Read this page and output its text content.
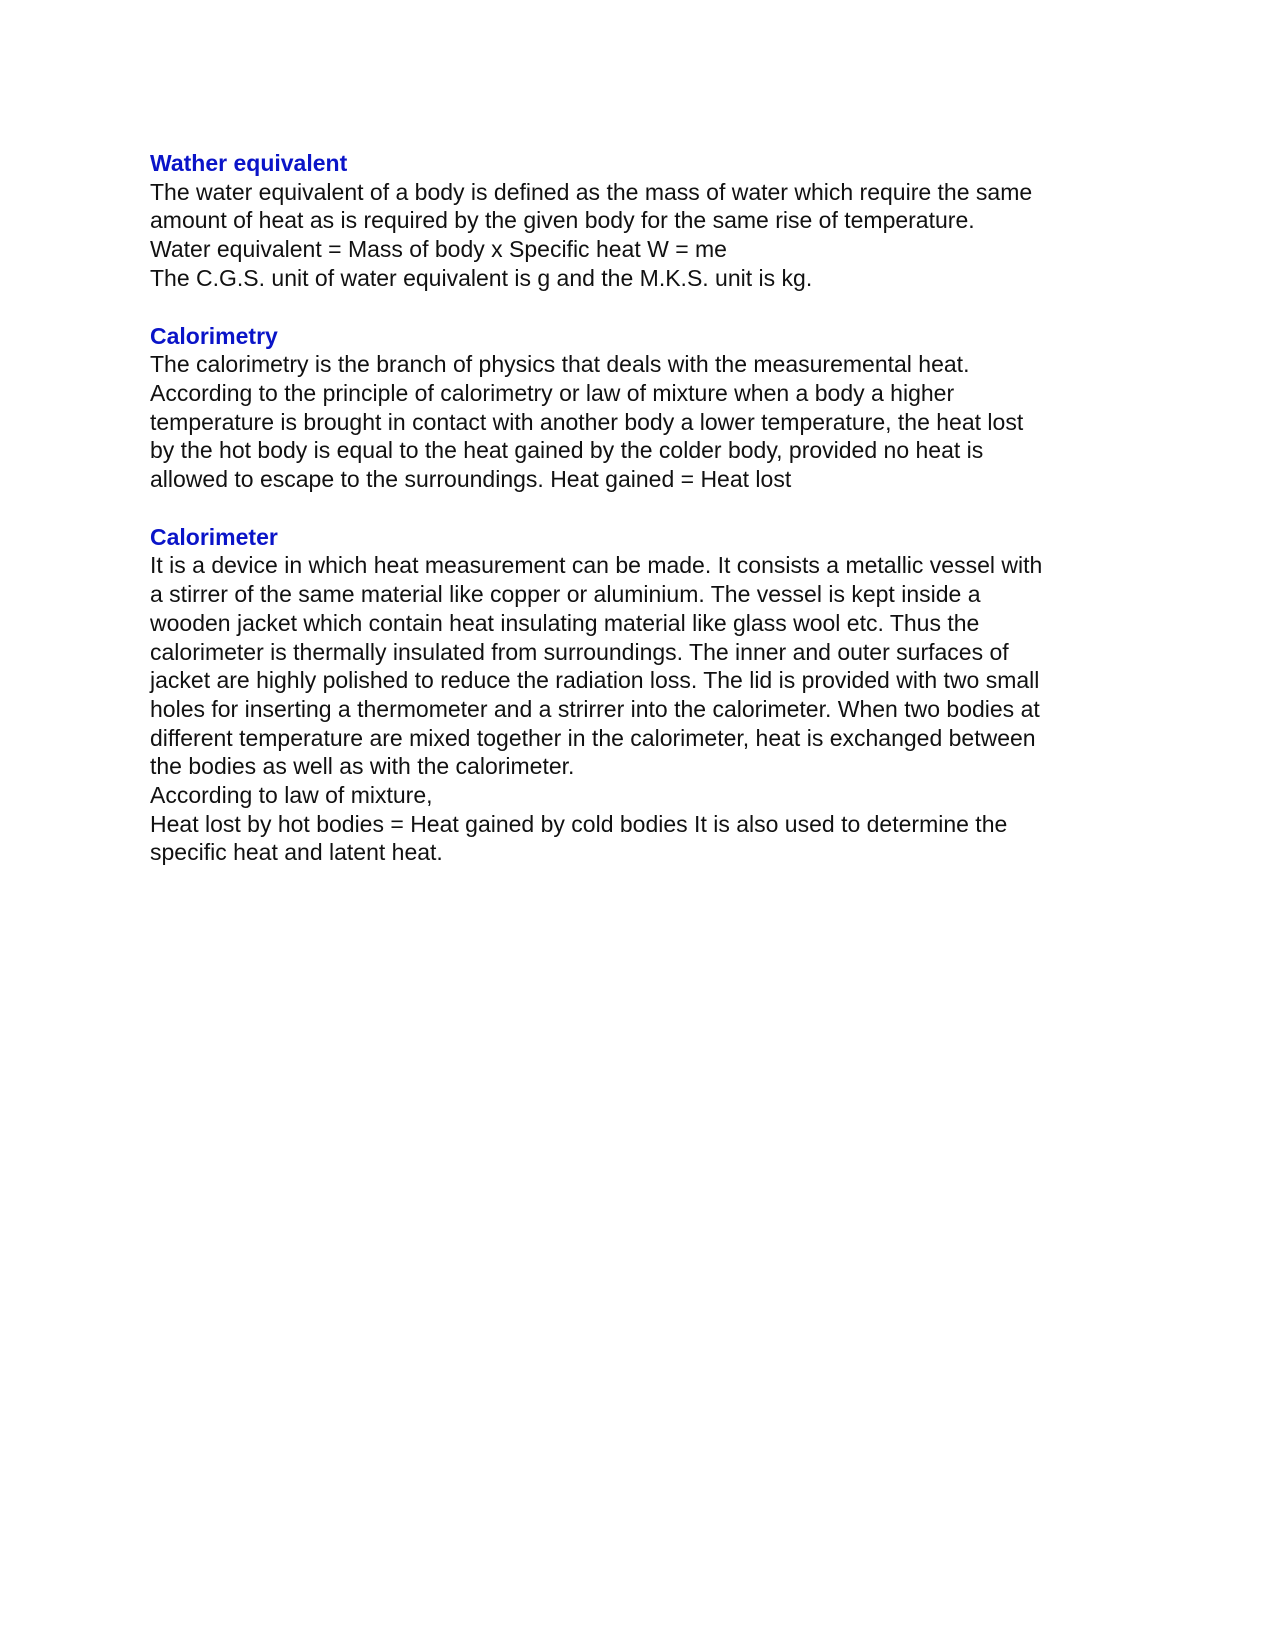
Wather equivalent

The water equivalent of a body is defined as the mass of water which require the same

amount of heat as is required by the given body for the same rise of temperature.

Water equivalent = Mass of body x Specific heat W = me

The C.G.S. unit of water equivalent is g and the M.K.S. unit is kg.

Calorimetry

The calorimetry is the branch of physics that deals with the measuremental heat.

According to the principle of calorimetry or law of mixture when a body a higher

temperature is brought in contact with another body a lower temperature, the heat lost

by the hot body is equal to the heat gained by the colder body, provided no heat is

allowed to escape to the surroundings. Heat gained = Heat lost

Calorimeter

It is a device in which heat measurement can be made. It consists a metallic vessel with

a stirrer of the same material like copper or aluminium. The vessel is kept inside a

wooden jacket which contain heat insulating material like glass wool etc. Thus the

calorimeter is thermally insulated from surroundings. The inner and outer surfaces of

jacket are highly polished to reduce the radiation loss. The lid is provided with two small

holes for inserting a thermometer and a strirrer into the calorimeter. When two bodies at

different temperature are mixed together in the calorimeter, heat is exchanged between

the bodies as well as with the calorimeter.

According to law of mixture,

Heat lost by hot bodies = Heat gained by cold bodies It is also used to determine the

specific heat and latent heat.
